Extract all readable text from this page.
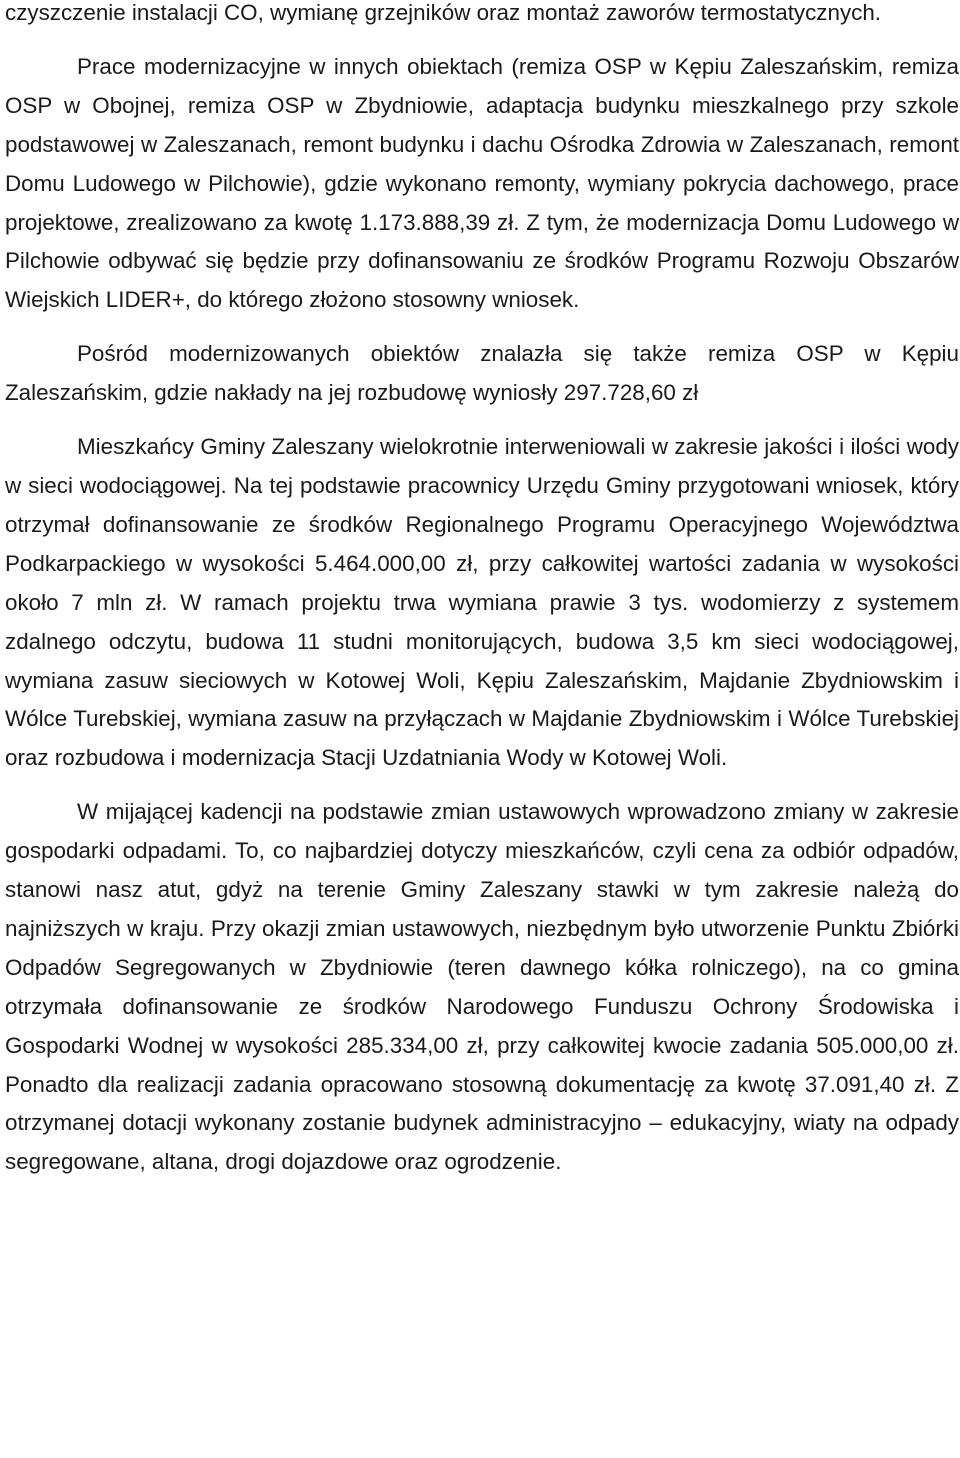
czyszczenie instalacji CO, wymianę grzejników oraz montaż zaworów termostatycznych.

Prace modernizacyjne w innych obiektach (remiza OSP w Kępiu Zaleszańskim, remiza OSP w Obojnej, remiza OSP w Zbydniowie, adaptacja budynku mieszkalnego przy szkole podstawowej w Zaleszanach, remont budynku i dachu Ośrodka Zdrowia w Zaleszanach, remont Domu Ludowego w Pilchowie), gdzie wykonano remonty, wymiany pokrycia dachowego, prace projektowe, zrealizowano za kwotę 1.173.888,39 zł. Z tym, że modernizacja Domu Ludowego w Pilchowie odbywać się będzie przy dofinansowaniu ze środków Programu Rozwoju Obszarów Wiejskich LIDER+, do którego złożono stosowny wniosek.

Pośród modernizowanych obiektów znalazła się także remiza OSP w Kępiu Zaleszańskim, gdzie nakłady na jej rozbudowę wyniosły 297.728,60 zł

Mieszkańcy Gminy Zaleszany wielokrotnie interweniowali w zakresie jakości i ilości wody w sieci wodociągowej. Na tej podstawie pracownicy Urzędu Gminy przygotowani wniosek, który otrzymał dofinansowanie ze środków Regionalnego Programu Operacyjnego Województwa Podkarpackiego w wysokości 5.464.000,00 zł, przy całkowitej wartości zadania w wysokości około 7 mln zł. W ramach projektu trwa wymiana prawie 3 tys. wodomierzy z systemem zdalnego odczytu, budowa 11 studni monitorujących, budowa 3,5 km sieci wodociągowej, wymiana zasuw sieciowych w Kotowej Woli, Kępiu Zaleszańskim, Majdanie Zbydniowskim i Wólce Turebskiej, wymiana zasuw na przyłączach w Majdanie Zbydniowskim i Wólce Turebskiej oraz rozbudowa i modernizacja Stacji Uzdatniania Wody w Kotowej Woli.

W mijającej kadencji na podstawie zmian ustawowych wprowadzono zmiany w zakresie gospodarki odpadami. To, co najbardziej dotyczy mieszkańców, czyli cena za odbiór odpadów, stanowi nasz atut, gdyż na terenie Gminy Zaleszany stawki w tym zakresie należą do najniższych w kraju. Przy okazji zmian ustawowych, niezbędnym było utworzenie Punktu Zbiórki Odpadów Segregowanych w Zbydniowie (teren dawnego kółka rolniczego), na co gmina otrzymała dofinansowanie ze środków Narodowego Funduszu Ochrony Środowiska i Gospodarki Wodnej w wysokości 285.334,00 zł, przy całkowitej kwocie zadania 505.000,00 zł. Ponadto dla realizacji zadania opracowano stosowną dokumentację za kwotę 37.091,40 zł. Z otrzymanej dotacji wykonany zostanie budynek administracyjno – edukacyjny, wiaty na odpady segregowane, altana, drogi dojazdowe oraz ogrodzenie.
